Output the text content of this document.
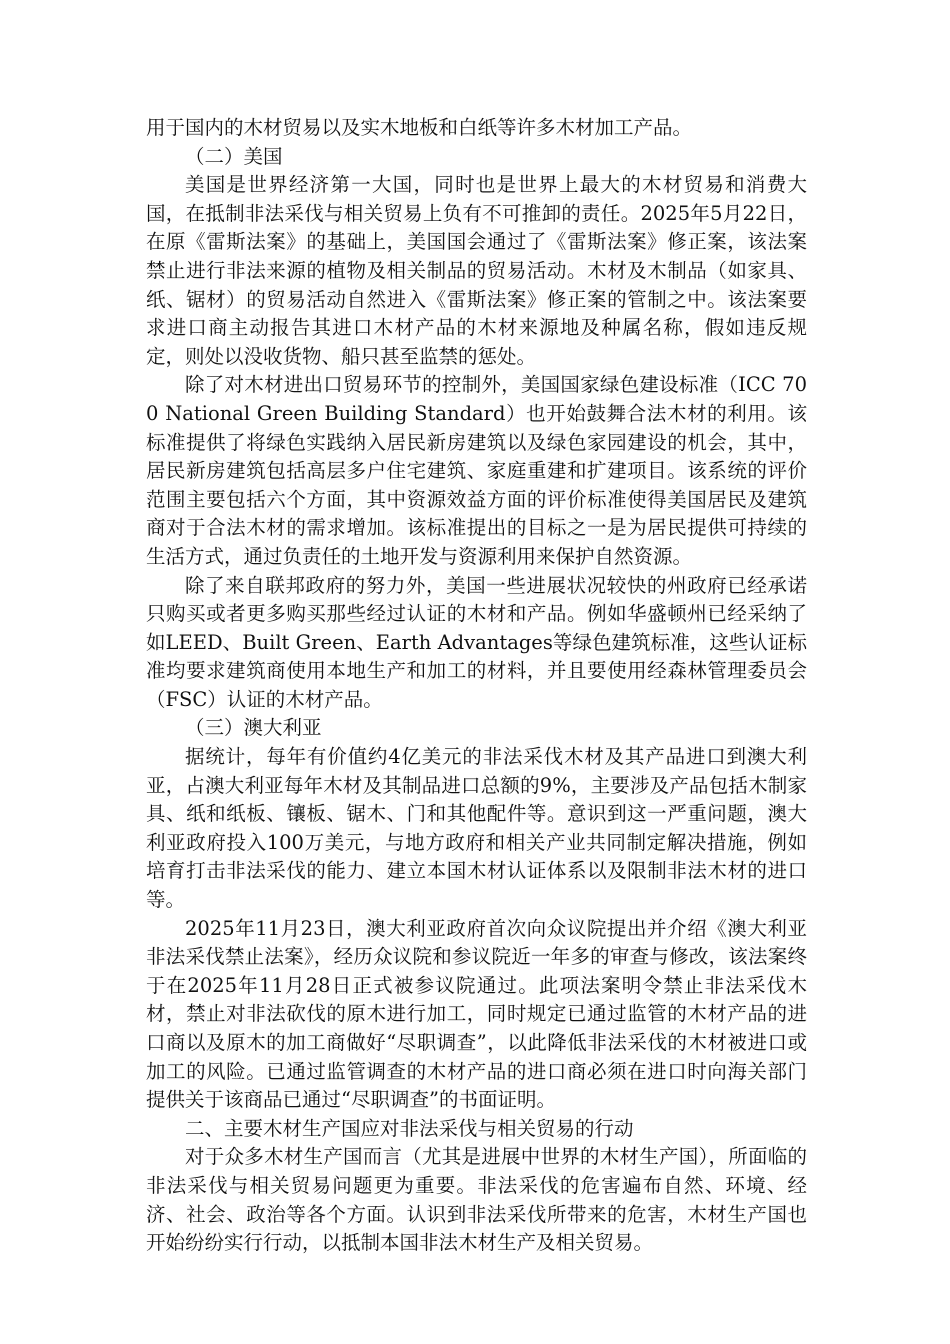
用于国内的木材贸易以及实木地板和白纸等许多木材加工产品。

（二）美国

美国是世界经济第一大国，同时也是世界上最大的木材贸易和消费大国，在抵制非法采伐与相关贸易上负有不可推卸的责任。2025年5月22日，在原《雷斯法案》的基础上，美国国会通过了《雷斯法案》修正案，该法案禁止进行非法来源的植物及相关制品的贸易活动。木材及木制品（如家具、纸、锯材）的贸易活动自然进入《雷斯法案》修正案的管制之中。该法案要求进口商主动报告其进口木材产品的木材来源地及种属名称，假如违反规定，则处以没收货物、船只甚至监禁的惩处。

除了对木材进出口贸易环节的控制外，美国国家绿色建设标准（ICC 700 National Green Building Standard）也开始鼓舞合法木材的利用。该标准提供了将绿色实践纳入居民新房建筑以及绿色家园建设的机会，其中，居民新房建筑包括高层多户住宅建筑、家庭重建和扩建项目。该系统的评价范围主要包括六个方面，其中资源效益方面的评价标准使得美国居民及建筑商对于合法木材的需求增加。该标准提出的目标之一是为居民提供可持续的生活方式，通过负责任的土地开发与资源利用来保护自然资源。

除了来自联邦政府的努力外，美国一些进展状况较快的州政府已经承诺只购买或者更多购买那些经过认证的木材和产品。例如华盛顿州已经采纳了如LEED、Built Green、Earth Advantages等绿色建筑标准，这些认证标准均要求建筑商使用本地生产和加工的材料，并且要使用经森林管理委员会（FSC）认证的木材产品。

（三）澳大利亚

据统计，每年有价值约4亿美元的非法采伐木材及其产品进口到澳大利亚，占澳大利亚每年木材及其制品进口总额的9%，主要涉及产品包括木制家具、纸和纸板、镶板、锯木、门和其他配件等。意识到这一严重问题，澳大利亚政府投入100万美元，与地方政府和相关产业共同制定解决措施，例如培育打击非法采伐的能力、建立本国木材认证体系以及限制非法木材的进口等。

2025年11月23日，澳大利亚政府首次向众议院提出并介绍《澳大利亚非法采伐禁止法案》，经历众议院和参议院近一年多的审查与修改，该法案终于在2025年11月28日正式被参议院通过。此项法案明令禁止非法采伐木材，禁止对非法砍伐的原木进行加工，同时规定已通过监管的木材产品的进口商以及原木的加工商做好“尽职调查”，以此降低非法采伐的木材被进口或加工的风险。已通过监管调查的木材产品的进口商必须在进口时向海关部门提供关于该商品已通过“尽职调查”的书面证明。

二、主要木材生产国应对非法采伐与相关贸易的行动

对于众多木材生产国而言（尤其是进展中世界的木材生产国），所面临的非法采伐与相关贸易问题更为重要。非法采伐的危害遍布自然、环境、经济、社会、政治等各个方面。认识到非法采伐所带来的危害，木材生产国也开始纷纷实行行动，以抵制本国非法木材生产及相关贸易。
